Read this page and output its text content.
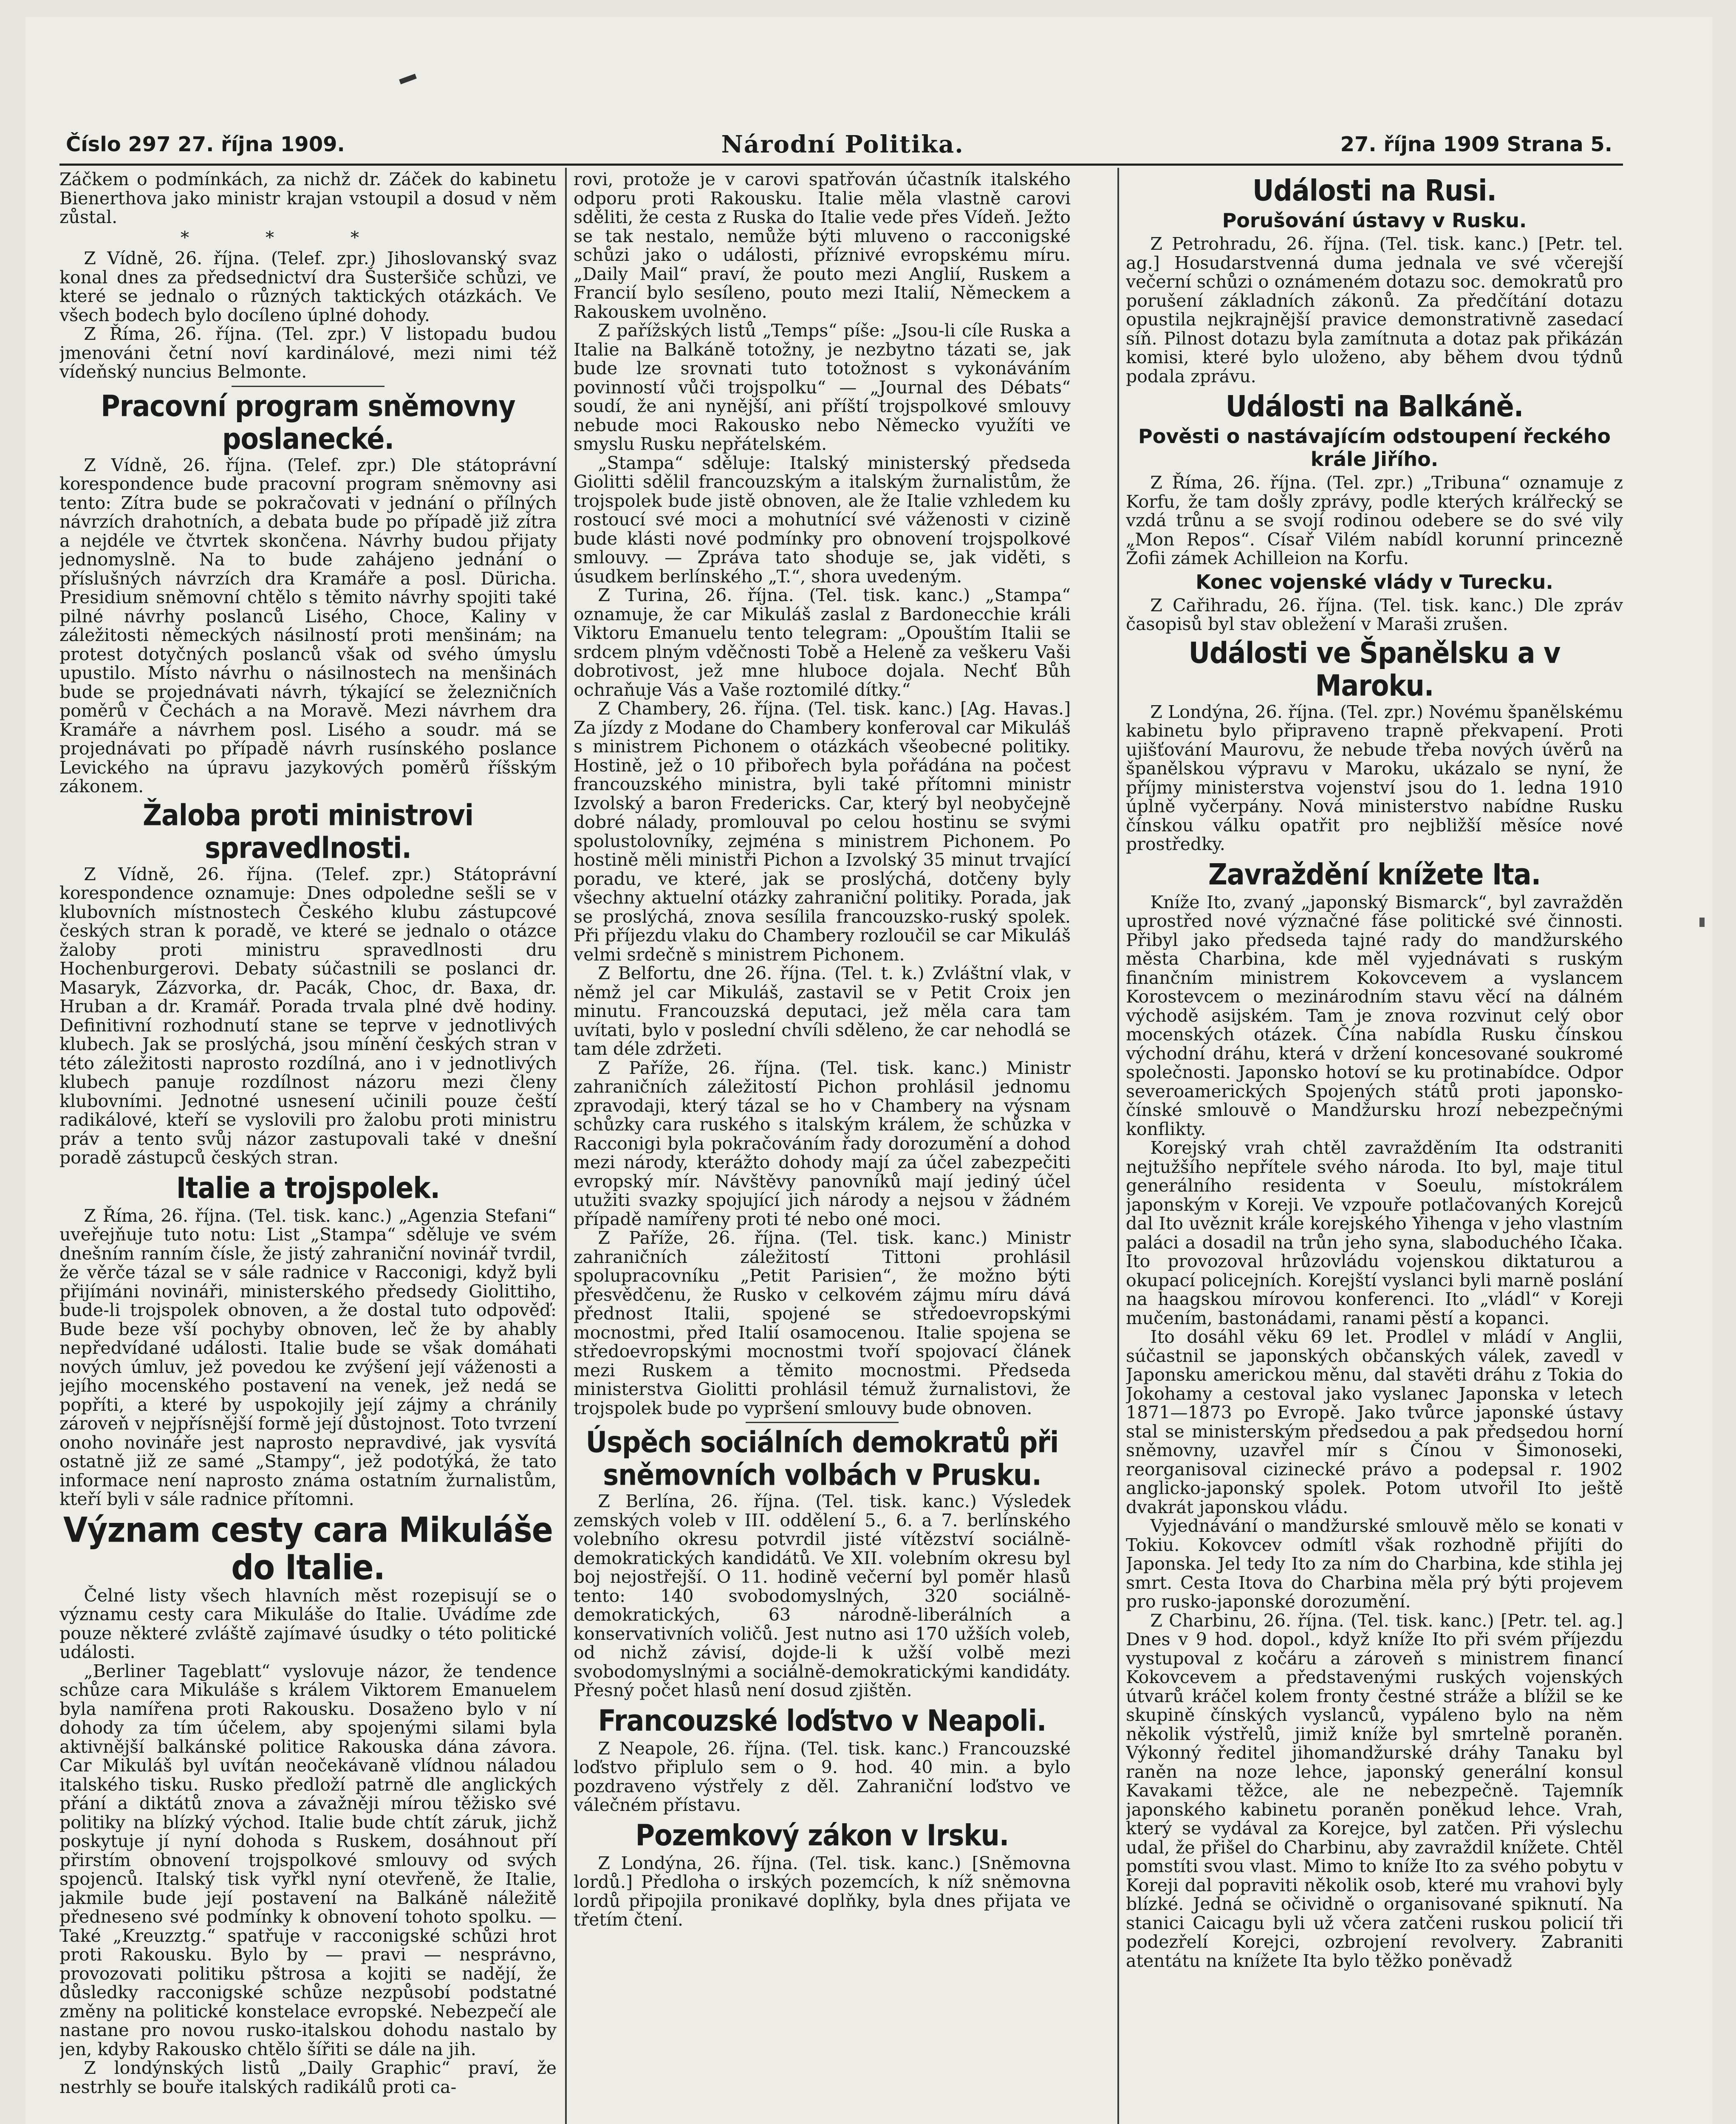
Číslo 297 27. října 1909.	Národní Politika.	27. října 1909 Strana 5.

Záčkem o podmínkách, za nichž dr. Záček do kabinetu Bienerthova jako ministr krajan vstoupil a dosud v něm zůstal.

***

Z Vídně, 26. října. (Telef. zpr.) Jihoslovanský svaz konal dnes za předsednictví dra Šusteršiče schůzi, ve které se jednalo o různých taktických otázkách. Ve všech bodech bylo docíleno úplné dohody.

Z Říma, 26. října. (Tel. zpr.) V listopadu budou jmenováni četní noví kardinálové, mezi nimi též vídeňský nuncius Belmonte.

Pracovní program sněmovny poslanecké.

Z Vídně, 26. října. (Telef. zpr.) Dle státoprávní korespondence bude pracovní program sněmovny asi tento: Zítra bude se pokračovati v jednání o přílných návrzích drahotních, a debata bude po případě již zítra a nejdéle ve čtvrtek skončena. Návrhy budou přijaty jednomyslně. Na to bude zahájeno jednání o příslušných návrzích dra Kramáře a posl. Düricha. Presidium sněmovní chtělo s těmito návrhy spojiti také pilné návrhy poslanců Lisého, Choce, Kaliny v záležitosti německých násilností proti menšinám; na protest dotyčných poslanců však od svého úmyslu upustilo. Místo návrhu o násilnostech na menšinách bude se projednávati návrh, týkající se železničních poměrů v Čechách a na Moravě. Mezi návrhem dra Kramáře a návrhem posl. Lisého a soudr. má se projednávati po případě návrh rusínského poslance Levického na úpravu jazykových poměrů říšským zákonem.

Žaloba proti ministrovi spravedlnosti.

Z Vídně, 26. října. (Telef. zpr.) Státoprávní korespondence oznamuje: Dnes odpoledne sešli se v klubovních místnostech Českého klubu zástupcové českých stran k poradě, ve které se jednalo o otázce žaloby proti ministru spravedlnosti dru Hochenburgerovi. Debaty súčastnili se poslanci dr. Masaryk, Zázvorka, dr. Pacák, Choc, dr. Baxa, dr. Hruban a dr. Kramář. Porada trvala plné dvě hodiny. Definitivní rozhodnutí stane se teprve v jednotlivých klubech. Jak se proslýchá, jsou mínění českých stran v této záležitosti naprosto rozdílná, ano i v jednotlivých klubech panuje rozdílnost názoru mezi členy klubovními. Jednotné usnesení učinili pouze čeští radikálové, kteří se vyslovili pro žalobu proti ministru práv a tento svůj názor zastupovali také v dnešní poradě zástupců českých stran.

Italie a trojspolek.

Z Říma, 26. října. (Tel. tisk. kanc.) „Agenzia Stefani“ uveřejňuje tuto notu: List „Stampa“ sděluje ve svém dnešním ranním čísle, že jistý zahraniční novinář tvrdil, že věrče tázal se v sále radnice v Racconigi, když byli přijímáni novináři, ministerského předsedy Giolittiho, bude-li trojspolek obnoven, a že dostal tuto odpověď: Bude beze vší pochyby obnoven, leč že by ahably nepředvídané události. Italie bude se však domáhati nových úmluv, jež povedou ke zvýšení její váženosti a jejího mocenského postavení na venek, jež nedá se popříti, a které by uspokojily její zájmy a chránily zároveň v nejpřísnější formě její důstojnost. Toto tvrzení onoho novináře jest naprosto nepravdivé, jak vysvítá ostatně již ze samé „Stampy“, jež podotýká, že tato informace není naprosto známa ostatním žurnalistům, kteří byli v sále radnice přítomni.

Význam cesty cara Mikuláše do Italie.

Čelné listy všech hlavních měst rozepisují se o významu cesty cara Mikuláše do Italie. Uvádíme zde pouze některé zvláště zajímavé úsudky o této politické události.

„Berliner Tageblatt“ vyslovuje názor, že tendence schůze cara Mikuláše s králem Viktorem Emanuelem byla namířena proti Rakousku. Dosaženo bylo v ní dohody za tím účelem, aby spojenými silami byla aktivnější balkánské politice Rakouska dána závora. Car Mikuláš byl uvítán neočekávaně vlídnou náladou italského tisku. Rusko předloží patrně dle anglických přání a diktátů znova a závažněji mírou těžisko své politiky na blízký východ. Italie bude chtít záruk, jichž poskytuje jí nyní dohoda s Ruskem, dosáhnout pří přirstím obnovení trojspolkové smlouvy od svých spojenců. Italský tisk vyřkl nyní otevřeně, že Italie, jakmile bude její postavení na Balkáně náležitě předneseno své podmínky k obnovení tohoto spolku. — Také „Kreuzztg.“ spatřuje v racconigské schůzi hrot proti Rakousku. Bylo by — pravi — nesprávno, provozovati politiku pštrosa a kojiti se nadějí, že důsledky racconigské schůze nezpůsobí podstatné změny na politické konstelace evropské. Nebezpečí ale nastane pro novou rusko-italskou dohodu nastalo by jen, kdyby Rakousko chtělo šířiti se dále na jih.

Z londýnských listů „Daily Graphic“ praví, že nestrhly se bouře italských radikálů proti ca-

rovi, protože je v carovi spatřován účastník italského odporu proti Rakousku. Italie měla vlastně carovi sděliti, že cesta z Ruska do Italie vede přes Vídeň. Ježto se tak nestalo, nemůže býti mluveno o racconigské schůzi jako o události, příznivé evropskému míru. „Daily Mail“ praví, že pouto mezi Anglií, Ruskem a Francií bylo sesíleno, pouto mezi Italií, Německem a Rakouskem uvolněno.

Z pařížských listů „Temps“ píše: „Jsou-li cíle Ruska a Italie na Balkáně totožny, je nezbytno tázati se, jak bude lze srovnati tuto totožnost s vykonáváním povinností vůči trojspolku“ — „Journal des Débats“ soudí, že ani nynější, ani příští trojspolkové smlouvy nebude moci Rakousko nebo Německo využíti ve smyslu Rusku nepřátelském.

„Stampa“ sděluje: Italský ministerský předseda Giolitti sdělil francouzským a italským žurnalistům, že trojspolek bude jistě obnoven, ale že Italie vzhledem ku rostoucí své moci a mohutnící své váženosti v cizině bude klásti nové podmínky pro obnovení trojspolkové smlouvy. — Zpráva tato shoduje se, jak viděti, s úsudkem berlínského „T.“, shora uvedeným.

Z Turina, 26. října. (Tel. tisk. kanc.) „Stampa“ oznamuje, že car Mikuláš zaslal z Bardonecchie králi Viktoru Emanuelu tento telegram: „Opouštím Italii se srdcem plným vděčnosti Tobě a Heleně za veškeru Vaši dobrotivost, jež mne hluboce dojala. Nechť Bůh ochraňuje Vás a Vaše roztomilé dítky.“

Z Chambery, 26. října. (Tel. tisk. kanc.) [Ag. Havas.] Za jízdy z Modane do Chambery konferoval car Mikuláš s ministrem Pichonem o otázkách všeobecné politiky. Hostině, jež o 10 přibořech byla pořádána na počest francouzského ministra, byli také přítomni ministr Izvolský a baron Fredericks. Car, který byl neobyčejně dobré nálady, promlouval po celou hostinu se svými spolustolovníky, zejména s ministrem Pichonem. Po hostině měli ministři Pichon a Izvolský 35 minut trvající poradu, ve které, jak se proslýchá, dotčeny byly všechny aktuelní otázky zahraniční politiky. Porada, jak se proslýchá, znova sesílila francouzsko-ruský spolek. Při příjezdu vlaku do Chambery rozloučil se car Mikuláš velmi srdečně s ministrem Pichonem.

Z Belfortu, dne 26. října. (Tel. t. k.) Zvláštní vlak, v němž jel car Mikuláš, zastavil se v Petit Croix jen minutu. Francouzská deputaci, jež měla cara tam uvítati, bylo v poslední chvíli sděleno, že car nehodlá se tam déle zdržeti.

Z Paříže, 26. října. (Tel. tisk. kanc.) Ministr zahraničních záležitostí Pichon prohlásil jednomu zpravodaji, který tázal se ho v Chambery na výsnam schůzky cara ruského s italským králem, že schůzka v Racconigi byla pokračováním řady dorozumění a dohod mezi národy, kterážto dohody mají za účel zabezpečiti evropský mír. Návštěvy panovníků mají jediný účel utužiti svazky spojující jich národy a nejsou v žádném případě namířeny proti té nebo oné moci.

Z Paříže, 26. října. (Tel. tisk. kanc.) Ministr zahraničních záležitostí Tittoni prohlásil spolupracovníku „Petit Parisien“, že možno býti přesvědčenu, že Rusko v celkovém zájmu míru dává přednost Italii, spojené se středoevropskými mocnostmi, před Italií osamocenou. Italie spojena se středoevropskými mocnostmi tvoří spojovací článek mezi Ruskem a těmito mocnostmi. Předseda ministerstva Giolitti prohlásil témuž žurnalistovi, že trojspolek bude po vypršení smlouvy bude obnoven.

Úspěch sociálních demokratů při sněmovních volbách v Prusku.

Z Berlína, 26. října. (Tel. tisk. kanc.) Výsledek zemských voleb v III. oddělení 5., 6. a 7. berlínského volebního okresu potvrdil jisté vítězství sociálně-demokratických kandidátů. Ve XII. volebním okresu byl boj nejostřejší. O 11. hodině večerní byl poměr hlasů tento: 140 svobodomyslných, 320 sociálně-demokratických, 63 národně-liberálních a konservativních voličů. Jest nutno asi 170 užších voleb, od nichž závisí, dojde-li k užší volbě mezi svobodomyslnými a sociálně-demokratickými kandidáty. Přesný počet hlasů není dosud zjištěn.

Francouzské loďstvo v Neapoli.

Z Neapole, 26. října. (Tel. tisk. kanc.) Francouzské loďstvo připlulo sem o 9. hod. 40 min. a bylo pozdraveno výstřely z děl. Zahraniční loďstvo ve válečném přístavu.

Pozemkový zákon v Irsku.

Z Londýna, 26. října. (Tel. tisk. kanc.) [Sněmovna lordů.] Předloha o irských pozemcích, k níž sněmovna lordů připojila pronikavé doplňky, byla dnes přijata ve třetím čtení.

Události na Rusi.
Porušování ústavy v Rusku.

Z Petrohradu, 26. října. (Tel. tisk. kanc.) [Petr. tel. ag.] Hosudarstvenná duma jednala ve své včerejší večerní schůzi o oznámeném dotazu soc. demokratů pro porušení základních zákonů. Za předčítání dotazu opustila nejkrajnější pravice demonstrativně zasedací síň. Pilnost dotazu byla zamítnuta a dotaz pak přikázán komisi, které bylo uloženo, aby během dvou týdnů podala zprávu.

Události na Balkáně.
Pověsti o nastávajícím odstoupení řeckého krále Jiřího.

Z Říma, 26. října. (Tel. zpr.) „Tribuna“ oznamuje z Korfu, že tam došly zprávy, podle kterých králřecký se vzdá trůnu a se svojí rodinou odebere se do své vily „Mon Repos“. Císař Vilém nabídl korunní princezně Žofii zámek Achilleion na Korfu.

Konec vojenské vlády v Turecku.

Z Cařihradu, 26. října. (Tel. tisk. kanc.) Dle zpráv časopisů byl stav obležení v Maraši zrušen.

Události ve Španělsku a v Maroku.

Z Londýna, 26. října. (Tel. zpr.) Novému španělskému kabinetu bylo připraveno trapně překvapení. Proti ujišťování Maurovu, že nebude třeba nových úvěrů na španělskou výpravu v Maroku, ukázalo se nyní, že příjmy ministerstva vojenství jsou do 1. ledna 1910 úplně vyčerpány. Nová ministerstvo nabídne Rusku čínskou válku opatřit pro nejbližší měsíce nové prostředky.

Zavraždění knížete Ita.

Kníže Ito, zvaný „japonský Bismarck“, byl zavražděn uprostřed nové význačné fáse politické své činnosti. Přibyl jako předseda tajné rady do mandžurského města Charbina, kde měl vyjednávati s ruským finančním ministrem Kokovcevem a vyslancem Korostevcem o mezinárodním stavu věcí na dálném východě asijském. Tam je znova rozvinut celý obor mocenských otázek. Čína nabídla Rusku čínskou východní dráhu, která v držení koncesované soukromé společnosti. Japonsko hotoví se ku protinabídce. Odpor severoamerických Spojených států proti japonsko-čínské smlouvě o Mandžursku hrozí nebezpečnými konflikty.

Korejský vrah chtěl zavražděním Ita odstraniti nejtužšího nepřítele svého národa. Ito byl, maje titul generálního residenta v Soeulu, místokrálem japonským v Koreji. Ve vzpouře potlačovaných Korejců dal Ito uvěznit krále korejského Yihenga v jeho vlastním paláci a dosadil na trůn jeho syna, slaboduchého Ičaka. Ito provozoval hrůzovládu vojenskou diktaturou a okupací policejních. Korejští vyslanci byli marně poslání na haagskou mírovou konferenci. Ito „vládl“ v Koreji mučením, bastonádami, ranami pěstí a kopanci.

Ito dosáhl věku 69 let. Prodlel v mládí v Anglii, súčastnil se japonských občanských válek, zavedl v Japonsku americkou měnu, dal stavěti dráhu z Tokia do Jokohamy a cestoval jako vyslanec Japonska v letech 1871—1873 po Evropě. Jako tvůrce japonské ústavy stal se ministerským předsedou a pak předsedou horní sněmovny, uzavřel mír s Čínou v Šimonoseki, reorganisoval cizinecké právo a podepsal r. 1902 anglicko-japonský spolek. Potom utvořil Ito ještě dvakrát japonskou vládu.

Vyjednávání o mandžurské smlouvě mělo se konati v Tokiu. Kokovcev odmítl však rozhodně přijíti do Japonska. Jel tedy Ito za ním do Charbina, kde stihla jej smrt. Cesta Itova do Charbina měla prý býti projevem pro rusko-japonské dorozumění.

Z Charbinu, 26. října. (Tel. tisk. kanc.) [Petr. tel. ag.] Dnes v 9 hod. dopol., když kníže Ito při svém příjezdu vystupoval z kočáru a zároveň s ministrem financí Kokovcevem a představenými ruských vojenských útvarů kráčel kolem fronty čestné stráže a blížil se ke skupině čínských vyslanců, vypáleno bylo na něm několik výstřelů, jimiž kníže byl smrtelně poraněn. Výkonný ředitel jihomandžurské dráhy Tanaku byl raněn na noze lehce, japonský generální konsul Kavakami těžce, ale ne nebezpečně. Tajemník japonského kabinetu poraněn poněkud lehce. Vrah, který se vydával za Korejce, byl zatčen. Při výslechu udal, že přišel do Charbinu, aby zavraždil knížete. Chtěl pomstíti svou vlast. Mimo to kníže Ito za svého pobytu v Koreji dal popraviti několik osob, které mu vrahovi byly blízké. Jedná se očividně o organisované spiknutí. Na stanici Caicagu byli už včera zatčeni ruskou policií tři podezřelí Korejci, ozbrojení revolvery. Zabraniti atentátu na knížete Ita bylo těžko poněvadž
